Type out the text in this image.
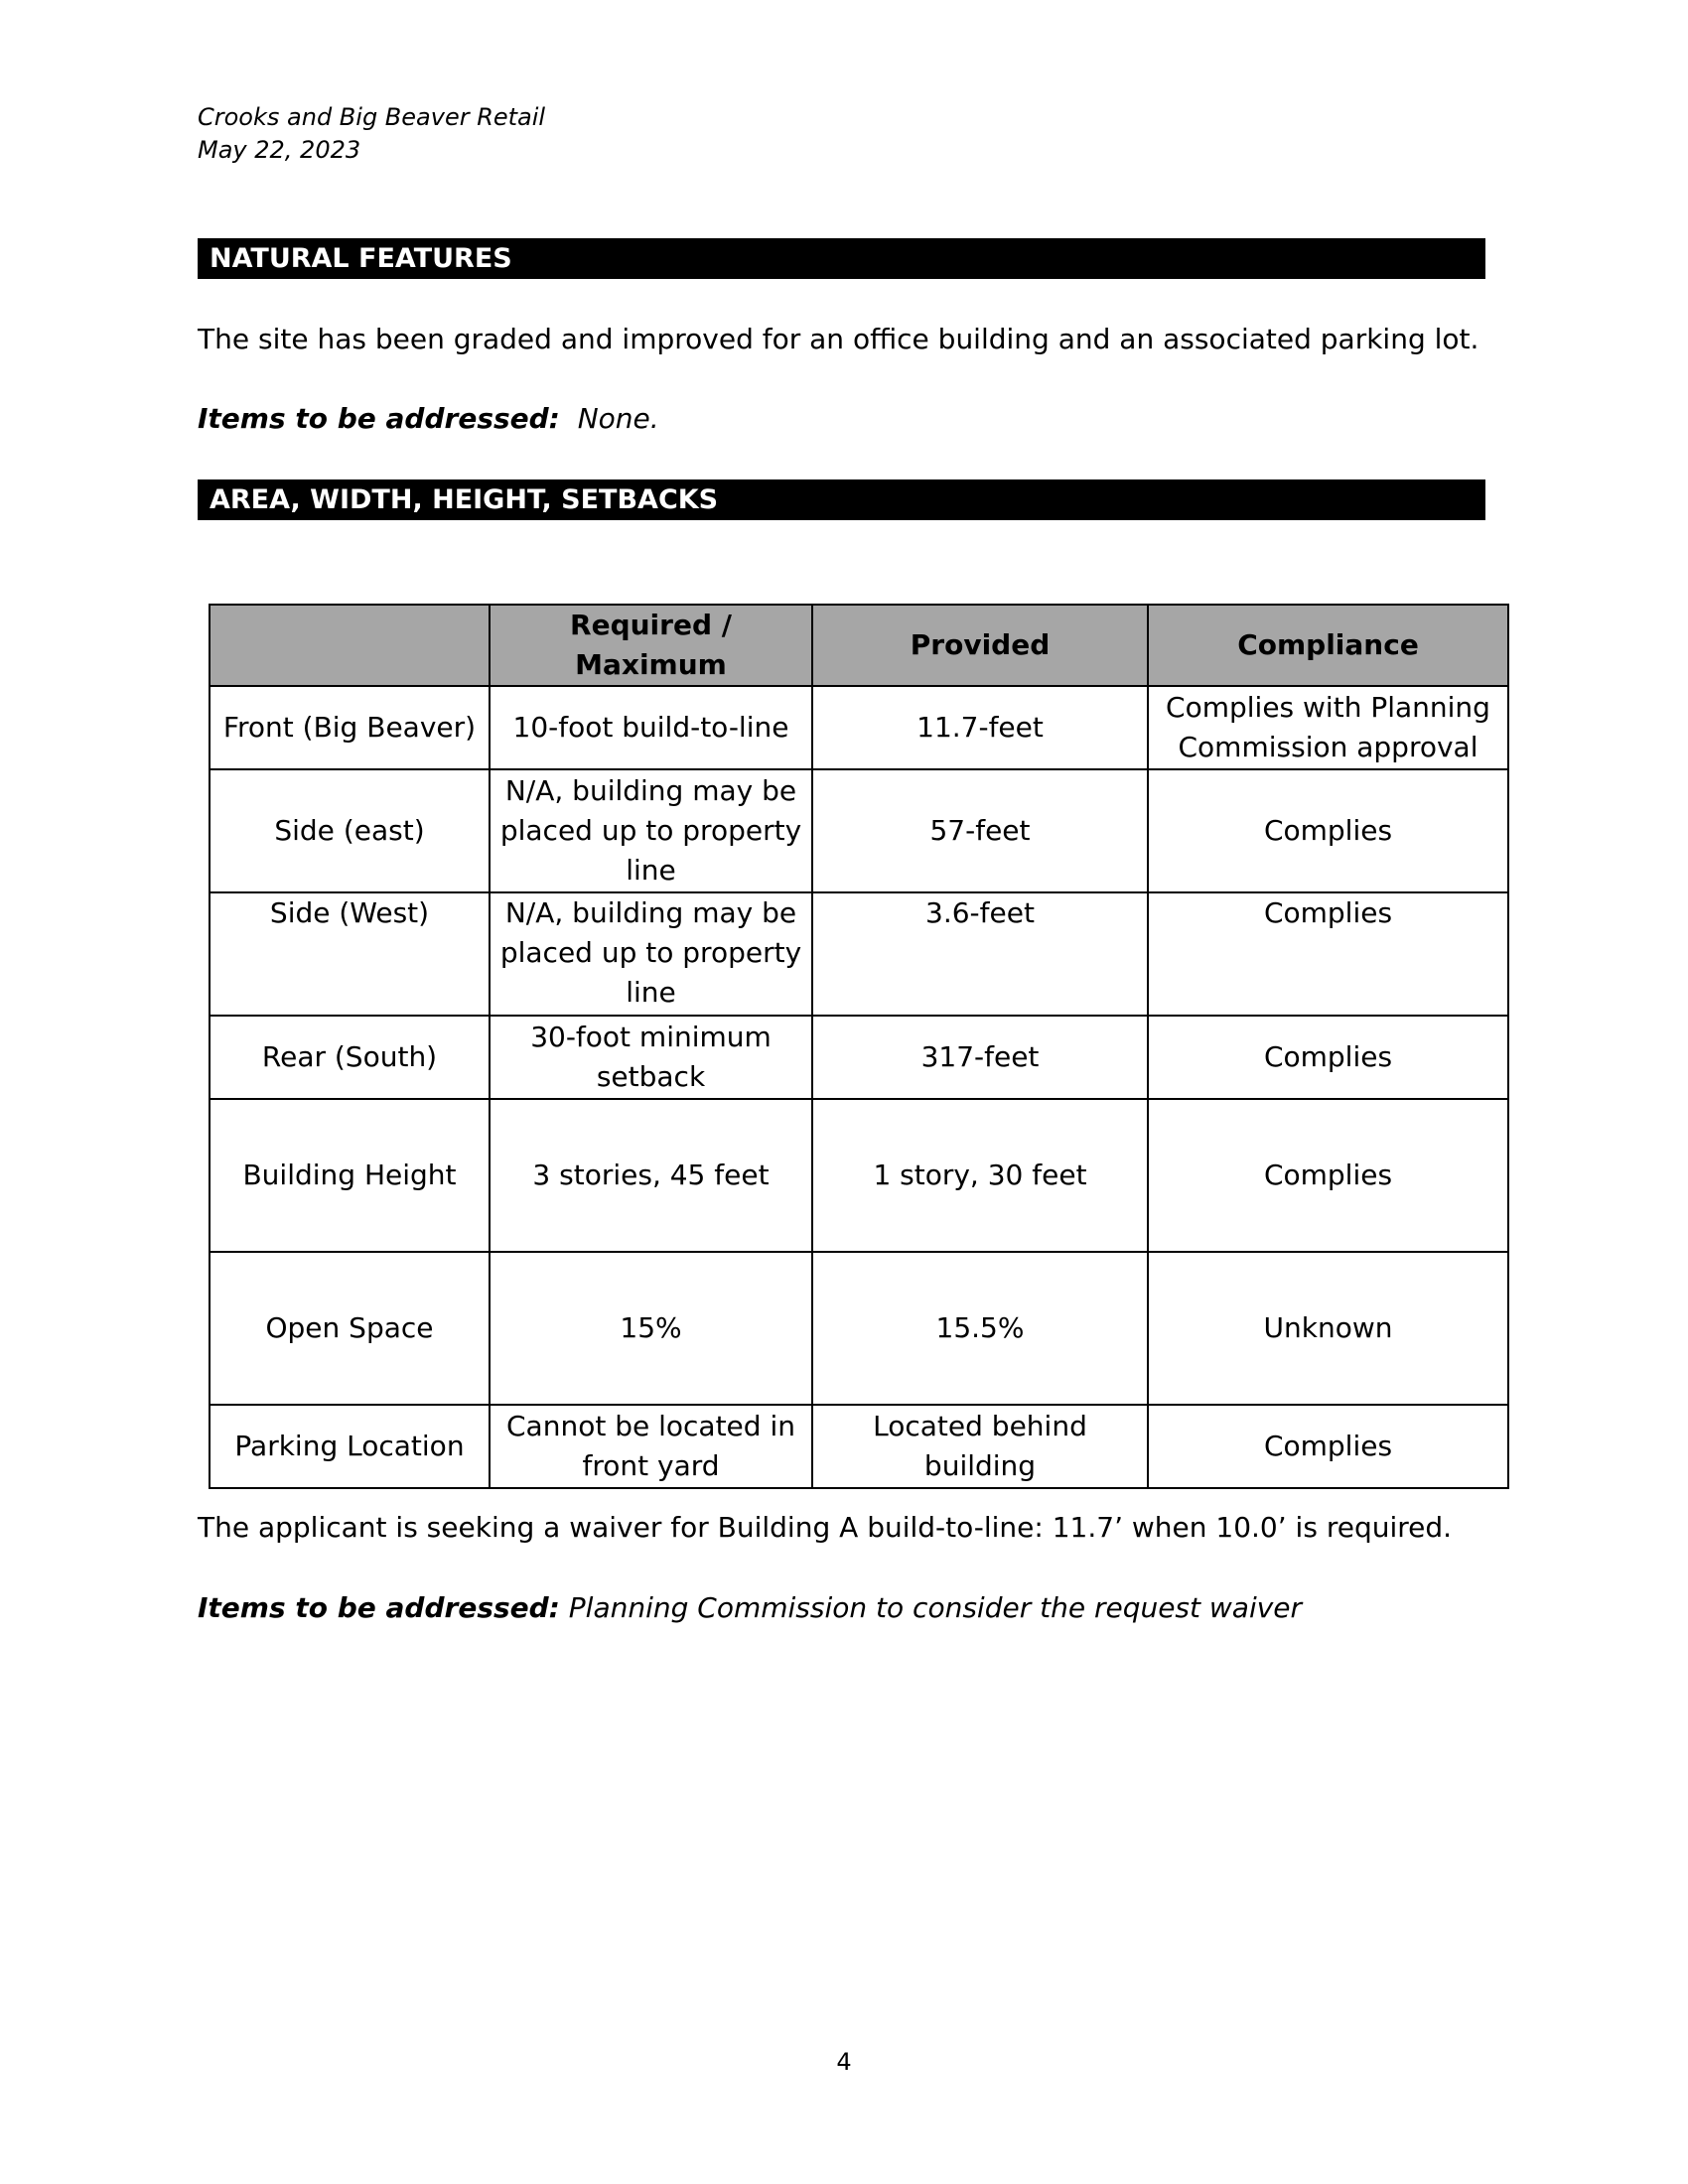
Crooks and Big Beaver Retail
May 22, 2023
NATURAL FEATURES
The site has been graded and improved for an office building and an associated parking lot.
Items to be addressed: None.
AREA, WIDTH, HEIGHT, SETBACKS
	Required / Maximum	Provided	Compliance
Front (Big Beaver)	10-foot build-to-line	11.7-feet	Complies with Planning Commission approval
Side (east)	N/A, building may be placed up to property line	57-feet	Complies
Side (West)	N/A, building may be placed up to property line	3.6-feet	Complies
Rear (South)	30-foot minimum setback	317-feet	Complies
Building Height	3 stories, 45 feet	1 story, 30 feet	Complies
Open Space	15%	15.5%	Unknown
Parking Location	Cannot be located in front yard	Located behind building	Complies
The applicant is seeking a waiver for Building A build-to-line: 11.7’ when 10.0’ is required.
Items to be addressed: Planning Commission to consider the request waiver
4
